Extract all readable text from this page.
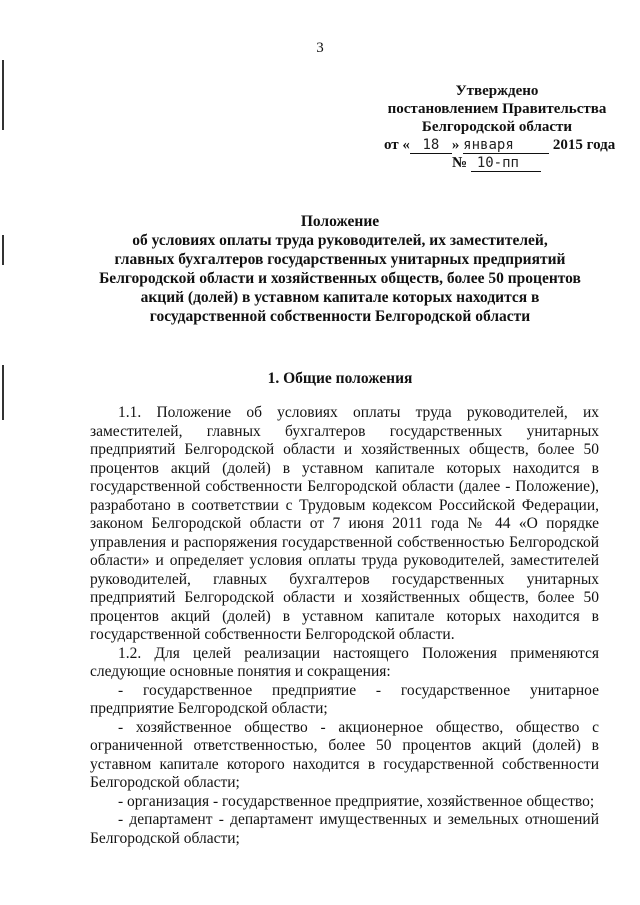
3
Утверждено
постановлением Правительства
Белгородской области
от « 18 » января	2015 года
№ 10-пп
Положение
об условиях оплаты труда руководителей, их заместителей,
главных бухгалтеров государственных унитарных предприятий
Белгородской области и хозяйственных обществ, более 50 процентов
акций (долей) в уставном капитале которых находится в
государственной собственности Белгородской области
1. Общие положения

1.1. Положение об условиях оплаты труда руководителей, их заместителей, главных бухгалтеров государственных унитарных предприятий Белгородской области и хозяйственных обществ, более 50 процентов акций (долей) в уставном капитале которых находится в государственной собственности Белгородской области (далее - Положение), разработано в соответствии с Трудовым кодексом Российской Федерации, законом Белгородской области от 7 июня 2011 года № 44 «О порядке управления и распоряжения государственной собственностью Белгородской области» и определяет условия оплаты труда руководителей, заместителей руководителей, главных бухгалтеров государственных унитарных предприятий Белгородской области и хозяйственных обществ, более 50 процентов акций (долей) в уставном капитале которых находится в государственной собственности Белгородской области.

1.2. Для целей реализации настоящего Положения применяются следующие основные понятия и сокращения:

- государственное предприятие - государственное унитарное предприятие Белгородской области;

- хозяйственное общество - акционерное общество, общество с ограниченной ответственностью, более 50 процентов акций (долей) в уставном капитале которого находится в государственной собственности Белгородской области;

- организация - государственное предприятие, хозяйственное общество;

- департамент - департамент имущественных и земельных отношений Белгородской области;
